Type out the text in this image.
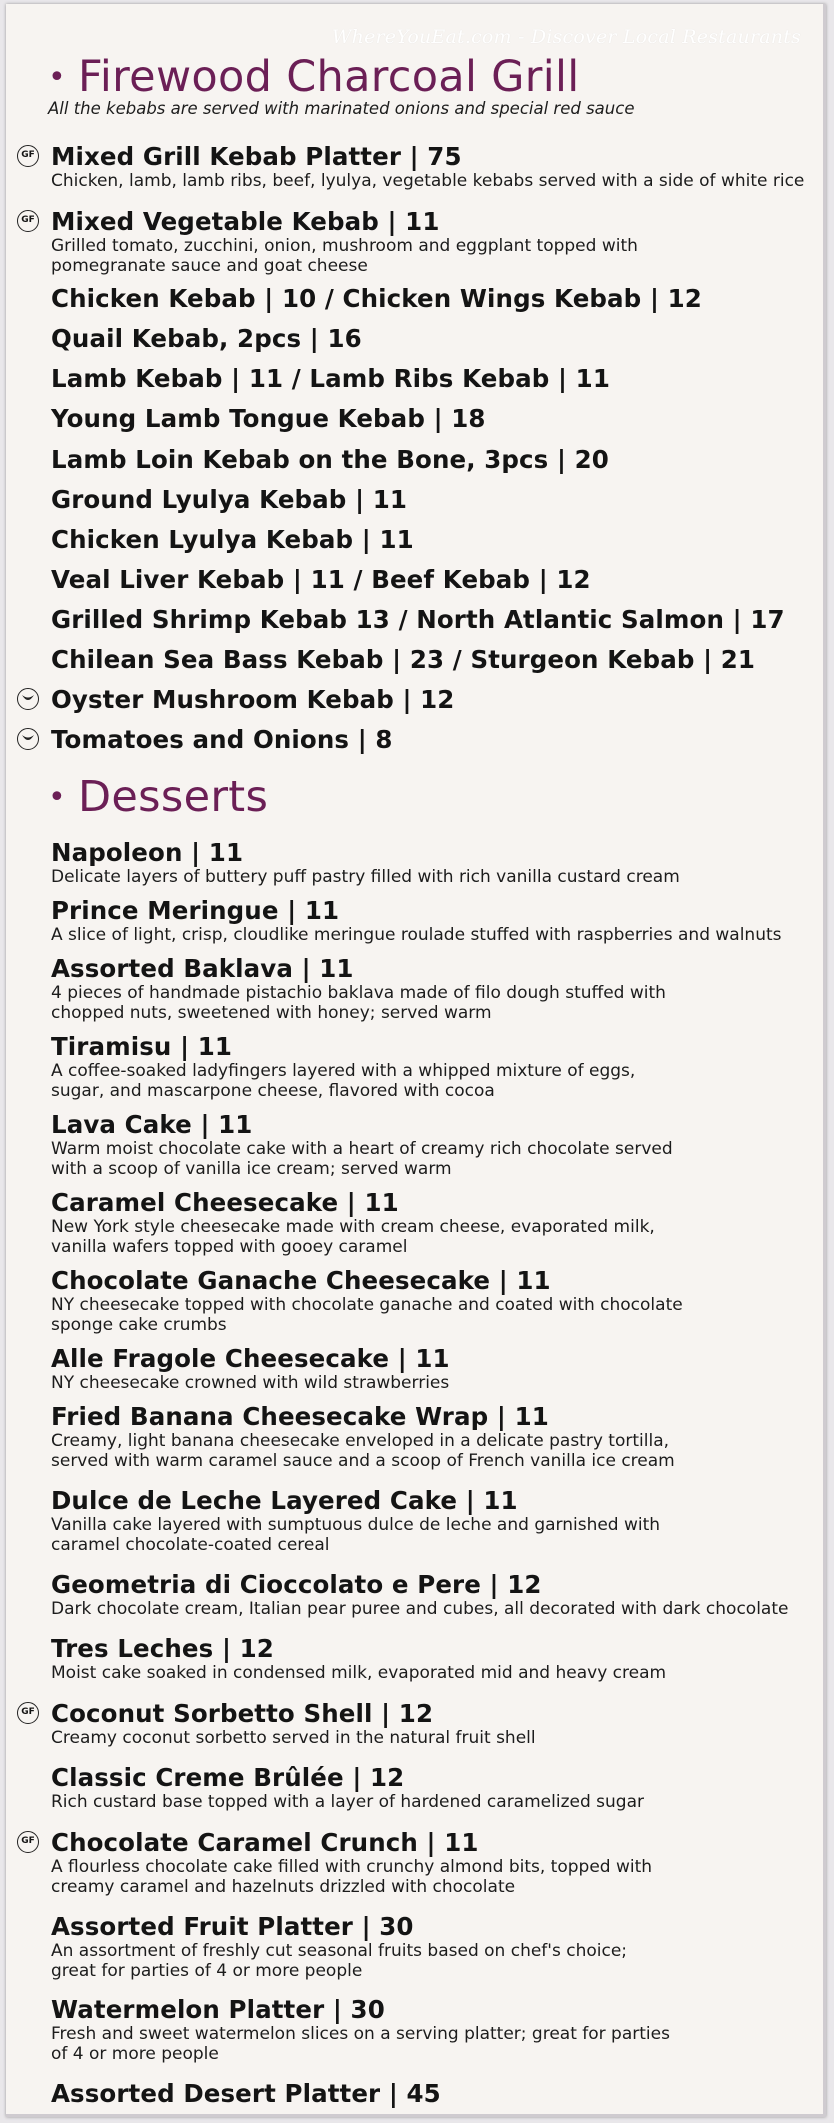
WhereYouEat.com - Discover Local Restaurants
• Firewood Charcoal Grill
All the kebabs are served with marinated onions and special red sauce
GF Mixed Grill Kebab Platter | 75
Chicken, lamb, lamb ribs, beef, lyulya, vegetable kebabs served with a side of white rice
GF Mixed Vegetable Kebab | 11
Grilled tomato, zucchini, onion, mushroom and eggplant topped with
pomegranate sauce and goat cheese
Chicken Kebab | 10 / Chicken Wings Kebab | 12
Quail Kebab, 2pcs | 16
Lamb Kebab | 11 / Lamb Ribs Kebab | 11
Young Lamb Tongue Kebab | 18
Lamb Loin Kebab on the Bone, 3pcs | 20
Ground Lyulya Kebab | 11
Chicken Lyulya Kebab | 11
Veal Liver Kebab | 11 / Beef Kebab | 12
Grilled Shrimp Kebab 13 / North Atlantic Salmon | 17
Chilean Sea Bass Kebab | 23 / Sturgeon Kebab | 21
Oyster Mushroom Kebab | 12
Tomatoes and Onions | 8
• Desserts
Napoleon | 11
Delicate layers of buttery puff pastry filled with rich vanilla custard cream
Prince Meringue | 11
A slice of light, crisp, cloudlike meringue roulade stuffed with raspberries and walnuts
Assorted Baklava | 11
4 pieces of handmade pistachio baklava made of filo dough stuffed with
chopped nuts, sweetened with honey; served warm
Tiramisu | 11
A coffee-soaked ladyfingers layered with a whipped mixture of eggs,
sugar, and mascarpone cheese, flavored with cocoa
Lava Cake | 11
Warm moist chocolate cake with a heart of creamy rich chocolate served
with a scoop of vanilla ice cream; served warm
Caramel Cheesecake | 11
New York style cheesecake made with cream cheese, evaporated milk,
vanilla wafers topped with gooey caramel
Chocolate Ganache Cheesecake | 11
NY cheesecake topped with chocolate ganache and coated with chocolate
sponge cake crumbs
Alle Fragole Cheesecake | 11
NY cheesecake crowned with wild strawberries
Fried Banana Cheesecake Wrap | 11
Creamy, light banana cheesecake enveloped in a delicate pastry tortilla,
served with warm caramel sauce and a scoop of French vanilla ice cream
Dulce de Leche Layered Cake | 11
Vanilla cake layered with sumptuous dulce de leche and garnished with
caramel chocolate-coated cereal
Geometria di Cioccolato e Pere | 12
Dark chocolate cream, Italian pear puree and cubes, all decorated with dark chocolate
Tres Leches | 12
Moist cake soaked in condensed milk, evaporated mid and heavy cream
GF Coconut Sorbetto Shell | 12
Creamy coconut sorbetto served in the natural fruit shell
Classic Creme Brûlée | 12
Rich custard base topped with a layer of hardened caramelized sugar
GF Chocolate Caramel Crunch | 11
A flourless chocolate cake filled with crunchy almond bits, topped with
creamy caramel and hazelnuts drizzled with chocolate
Assorted Fruit Platter | 30
An assortment of freshly cut seasonal fruits based on chef's choice;
great for parties of 4 or more people
Watermelon Platter | 30
Fresh and sweet watermelon slices on a serving platter; great for parties
of 4 or more people
Assorted Desert Platter | 45
